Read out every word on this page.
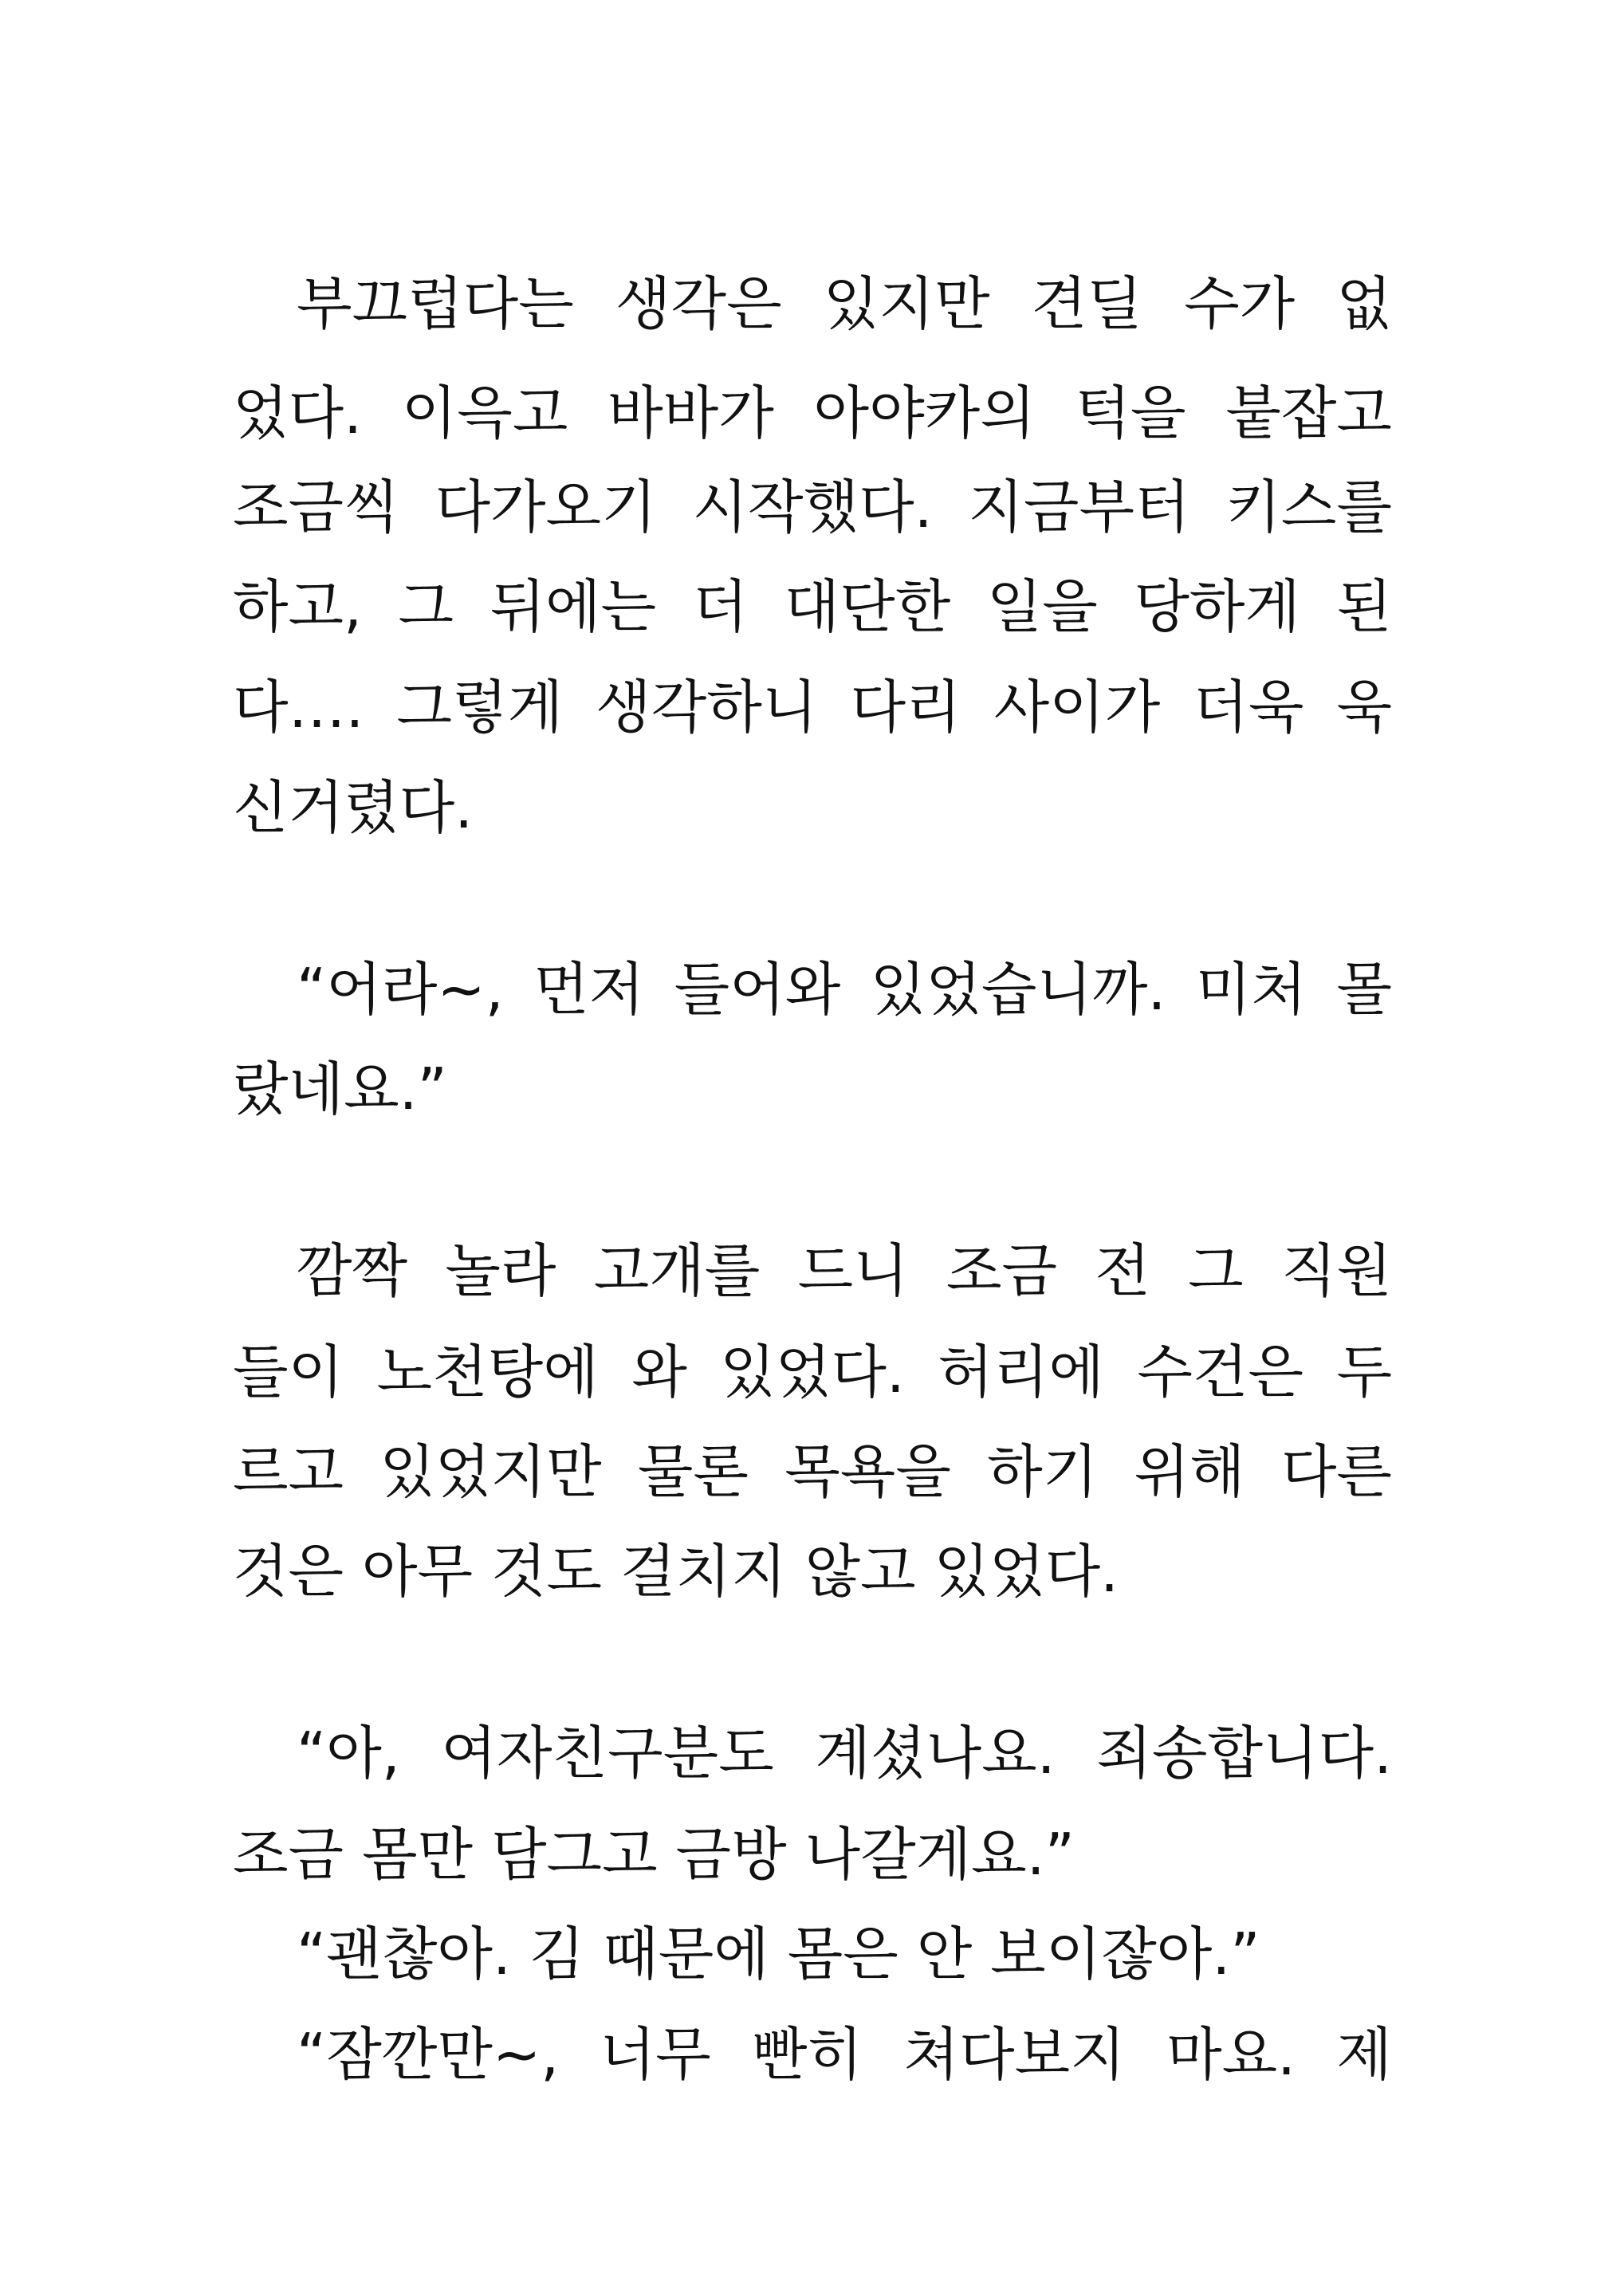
부끄럽다는 생각은 있지만 견딜 수가 없
었다. 이윽고 바바가 아야카의 턱을 붙잡고
조금씩 다가오기 시작했다. 지금부터 키스를
하고, 그 뒤에는 더 대단한 일을 당하게 된
다…. 그렇게 생각하니 다리 사이가 더욱 욱
신거렸다.
“어라~, 먼저 들어와 있었습니까. 미처 몰
랐네요.”
깜짝 놀라 고개를 드니 조금 전 그 직원
들이 노천탕에 와 있었다. 허리에 수건은 두
르고 있었지만 물론 목욕을 하기 위해 다른
것은 아무 것도 걸치지 않고 있었다.
“아, 여자친구분도 계셨나요. 죄송합니다.
조금 몸만 담그고 금방 나갈게요.”
“괜찮아. 김 때문에 몸은 안 보이잖아.”
“잠깐만~, 너무 빤히 쳐다보지 마요. 제
